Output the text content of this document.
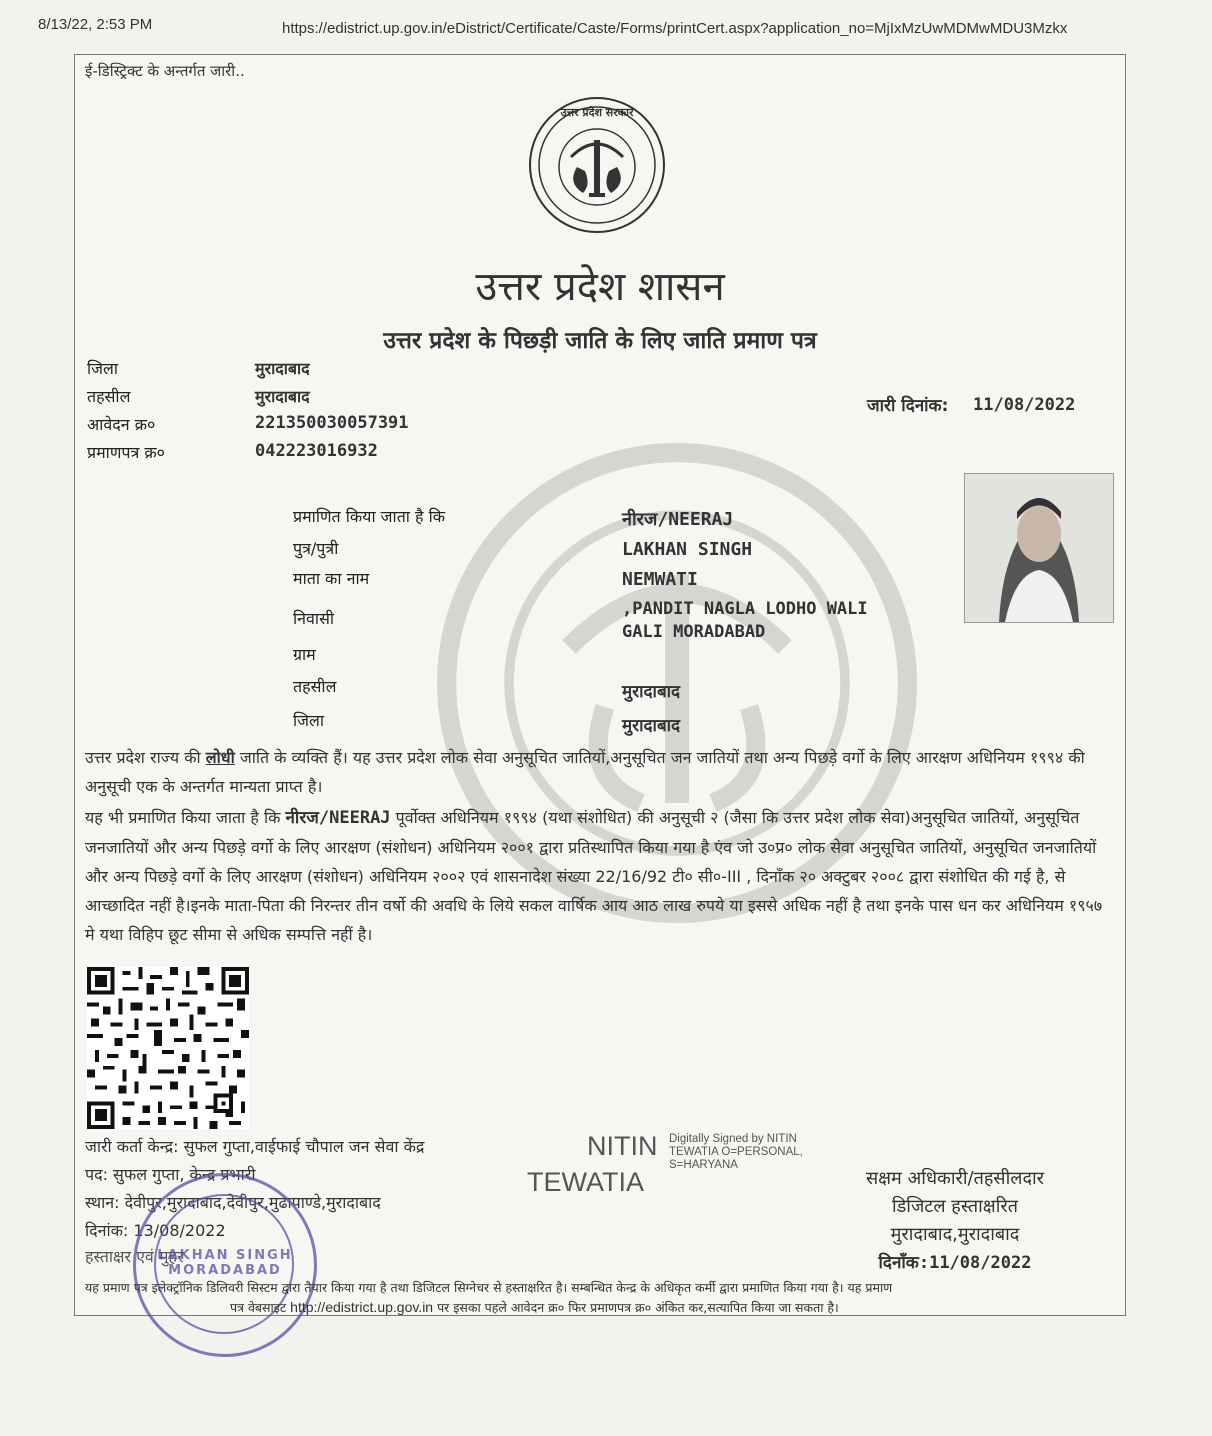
8/13/22, 2:53 PM	https://edistrict.up.gov.in/eDistrict/Certificate/Caste/Forms/printCert.aspx?application_no=MjIxMzUwMDMwMDU3Mzkx
ई-डिस्ट्रिक्ट के अन्तर्गत जारी..
उत्तर प्रदेश सरकार
उत्तर प्रदेश शासन
उत्तर प्रदेश के पिछड़ी जाति के लिए जाति प्रमाण पत्र
जिला	मुरादाबाद
तहसील	मुरादाबाद
आवेदन क्र०	221350030057391
प्रमाणपत्र क्र०	042223016932
जारी दिनांक: 11/08/2022
प्रमाणित किया जाता है कि	नीरज/NEERAJ
पुत्र/पुत्री	LAKHAN SINGH
माता का नाम	NEMWATI
निवासी	,PANDIT NAGLA LODHO WALI
GALI MORADABAD
ग्राम
तहसील	मुरादाबाद
जिला	मुरादाबाद
उत्तर प्रदेश राज्य की लोधी जाति के व्यक्ति हैं। यह उत्तर प्रदेश लोक सेवा अनुसूचित जातियों,अनुसूचित जन जातियों तथा अन्य पिछड़े वर्गो के लिए आरक्षण अधिनियम १९९४ की अनुसूची एक के अन्तर्गत मान्यता प्राप्त है।
यह भी प्रमाणित किया जाता है कि नीरज/NEERAJ पूर्वोक्त अधिनियम १९९४ (यथा संशोधित) की अनुसूची २ (जैसा कि उत्तर प्रदेश लोक सेवा)अनुसूचित जातियों, अनुसूचित जनजातियों और अन्य पिछड़े वर्गो के लिए आरक्षण (संशोधन) अधिनियम २००१ द्वारा प्रतिस्थापित किया गया है एंव जो उ०प्र० लोक सेवा अनुसूचित जातियों, अनुसूचित जनजातियों और अन्य पिछड़े वर्गो के लिए आरक्षण (संशोधन) अधिनियम २००२ एवं शासनादेश संख्या 22/16/92 टी० सी०-III , दिनाँक २० अक्टुबर २००८ द्वारा संशोधित की गई है, से आच्छादित नहीं है।इनके माता-पिता की निरन्तर तीन वर्षो की अवधि के लिये सकल वार्षिक आय आठ लाख रुपये या इससे अधिक नहीं है तथा इनके पास धन कर अधिनियम १९५७ मे यथा विहिप छूट सीमा से अधिक सम्पत्ति नहीं है।
जारी कर्ता केन्द्र: सुफल गुप्ता,वाईफाई चौपाल जन सेवा केंद्र
पद: सुफल गुप्ता, केन्द्र प्रभारी
स्थान: देवीपुर,मुरादाबाद,देवीपुर,मुढापाण्डे,मुरादाबाद
दिनांक: 13/08/2022
हस्ताक्षर एवं मुहर
NITIN
TEWATIA
Digitally Signed by NITIN
TEWATIA O=PERSONAL,
S=HARYANA
सक्षम अधिकारी/तहसीलदार
डिजिटल हस्ताक्षरित
मुरादाबाद,मुरादाबाद
दिनाँक:11/08/2022
LAKHAN SINGH MORADABAD
यह प्रमाण पत्र इलेक्ट्रॉनिक डिलिवरी सिस्टम द्वारा तैयार किया गया है तथा डिजिटल सिग्नेचर से हस्ताक्षरित है। सम्बन्धित केन्द्र के अधिकृत कर्मी द्वारा प्रमाणित किया गया है। यह प्रमाण
पत्र वेबसाइट http://edistrict.up.gov.in पर इसका पहले आवेदन क्र० फिर प्रमाणपत्र क्र० अंकित कर,सत्यापित किया जा सकता है।
